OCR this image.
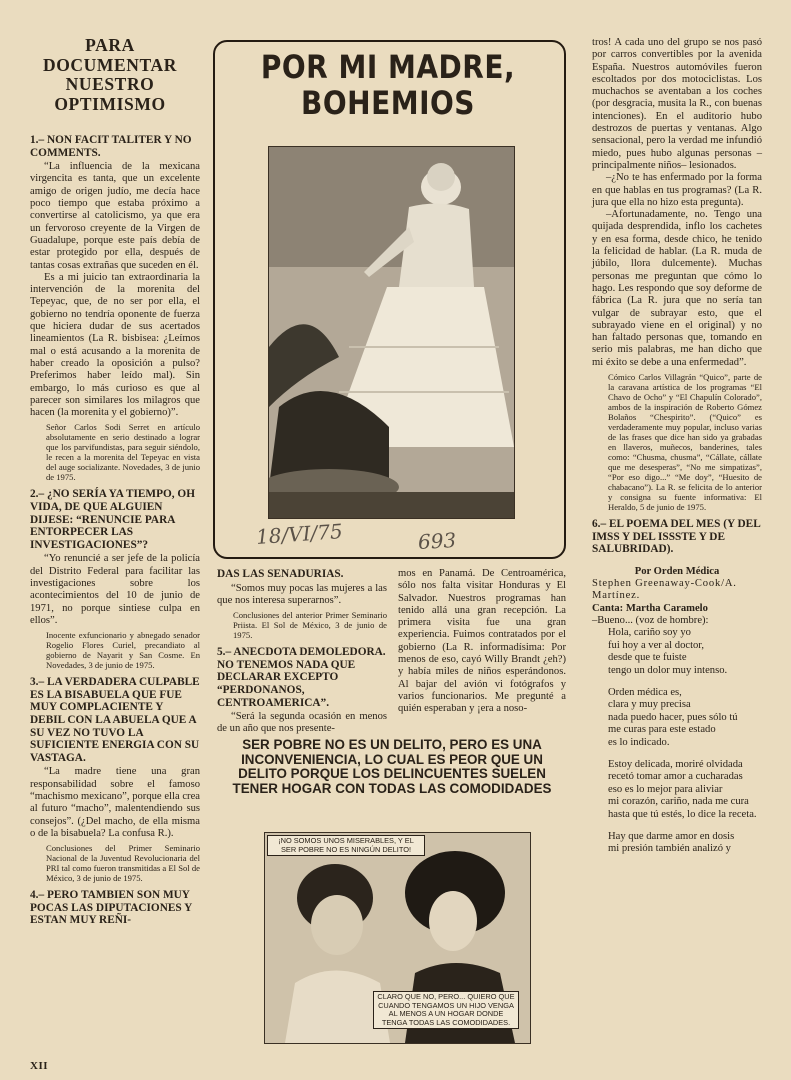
PARA
DOCUMENTAR
NUESTRO
OPTIMISMO
1.– NON FACIT TALITER Y NO COMMENTS.

“La influencia de la mexicana virgencita es tanta, que un excelente amigo de origen judío, me decía hace poco tiempo que estaba próximo a convertirse al catolicismo, ya que era un fervoroso creyente de la Virgen de Guadalupe, porque este país debía de estar protegido por ella, después de tantas cosas extrañas que suceden en él.

Es a mi juicio tan extraordinaria la intervención de la morenita del Tepeyac, que, de no ser por ella, el gobierno no tendría oponente de fuerza que hiciera dudar de sus acertados lineamientos (La R. bisbisea: ¿Leímos mal o está acusando a la morenita de haber creado la oposición a pulso? Preferimos haber leído mal). Sin embargo, lo más curioso es que al parecer son similares los milagros que hacen (la morenita y el gobierno)”.

Señor Carlos Sodi Serret en artículo absolutamente en serio destinado a lograr que los parvifundistas, para seguir siéndolo, le recen a la morenita del Tepeyac en vista del auge socializante. Novedades, 3 de junio de 1975.
2.– ¿NO SERÍA YA TIEMPO, OH VIDA, DE QUE ALGUIEN DIJESE: “RENUNCIE PARA ENTORPECER LAS INVESTIGACIONES”?

“Yo renuncié a ser jefe de la policía del Distrito Federal para facilitar las investigaciones sobre los acontecimientos del 10 de junio de 1971, no porque sintiese culpa en ellos”.

Inocente exfuncionario y abnegado senador Rogelio Flores Curiel, precandiato al gobierno de Nayarit y San Cosme. En Novedades, 3 de junio de 1975.
3.– LA VERDADERA CULPABLE ES LA BISABUELA QUE FUE MUY COMPLACIENTE Y DEBIL CON LA ABUELA QUE A SU VEZ NO TUVO LA SUFICIENTE ENERGIA CON SU VASTAGA.

“La madre tiene una gran responsabilidad sobre el famoso “machismo mexicano”, porque ella crea al futuro “macho”, malentendiendo sus consejos”. (¿Del macho, de ella misma o de la bisabuela? La confusa R.).

Conclusiones del Primer Seminario Nacional de la Juventud Revolucionaria del PRI tal como fueron transmitidas a El Sol de México, 3 de junio de 1975.
4.– PERO TAMBIEN SON MUY POCAS LAS DIPUTACIONES Y ESTAN MUY REÑI-
POR MI MADRE,
BOHEMIOS
18/VI/75	693
DAS LAS SENADURIAS.

“Somos muy pocas las mujeres a las que nos interesa superarnos”.

Conclusiones del anterior Primer Seminario Priista. El Sol de México, 3 de junio de 1975.
5.– ANECDOTA DEMOLEDORA. NO TENEMOS NADA QUE DECLARAR EXCEPTO “PERDONANOS, CENTROAMERICA”.

“Será la segunda ocasión en menos de un año que nos presente-

mos en Panamá. De Centroamérica, sólo nos falta visitar Honduras y El Salvador. Nuestros programas han tenido allá una gran recepción. La primera visita fue una gran experiencia. Fuimos contratados por el gobierno (La R. informadísima: Por menos de eso, cayó Willy Brandt ¿eh?) y había miles de niños esperándonos. Al bajar del avión vi fotógrafos y varios funcionarios. Me pregunté a quién esperaban y ¡era a noso-

SER POBRE NO ES UN DELITO, PERO ES UNA INCONVENIENCIA, LO CUAL ES PEOR QUE UN DELITO PORQUE LOS DELINCUENTES SUELEN TENER HOGAR CON TODAS LAS COMODIDADES
¡NO SOMOS UNOS MISERABLES, Y EL SER POBRE NO ES NINGÚN DELITO!
CLARO QUE NO, PERO... QUIERO QUE CUANDO TENGAMOS UN HIJO VENGA AL MENOS A UN HOGAR DONDE TENGA TODAS LAS COMODIDADES.

tros! A cada uno del grupo se nos pasó por carros convertibles por la avenida España. Nuestros automóviles fueron escoltados por dos motociclistas. Los muchachos se aventaban a los coches (por desgracia, musita la R., con buenas intenciones). En el auditorio hubo destrozos de puertas y ventanas. Algo sensacional, pero la verdad me infundió miedo, pues hubo algunas personas –principalmente niños– lesionados.

–¿No te has enfermado por la forma en que hablas en tus programas? (La R. jura que ella no hizo esta pregunta).

–Afortunadamente, no. Tengo una quijada desprendida, inflo los cachetes y en esa forma, desde chico, he tenido la felicidad de hablar. (La R. muda de júbilo, llora dulcemente). Muchas personas me preguntan que cómo lo hago. Les respondo que soy deforme de fábrica (La R. jura que no sería tan vulgar de subrayar esto, que el subrayado viene en el original) y no han faltado personas que, tomando en serio mis palabras, me han dicho que mi éxito se debe a una enfermedad”.

Cómico Carlos Villagrán “Quico”, parte de la caravana artística de los programas “El Chavo de Ocho” y “El Chapulín Colorado”, ambos de la inspiración de Roberto Gómez Bolaños “Chespirito”. (“Quico” es verdaderamente muy popular, incluso varias de las frases que dice han sido ya grabadas en llaveros, muñecos, banderines, tales como: “Chusma, chusma”, “Cállate, cállate que me desesperas”, “No me simpatizas”, “Por eso digo...” “Me doy”, “Huesito de chabacano”). La R. se felicita de lo anterior y consigna su fuente informativa: El Heraldo, 5 de junio de 1975.
6.– EL POEMA DEL MES (Y DEL IMSS Y DEL ISSSTE Y DE SALUBRIDAD).
Por Orden Médica
Stephen Greenaway-Cook/A. Martínez.
Canta: Martha Caramelo
–Bueno... (voz de hombre):
Hola, cariño soy yo
fui hoy a ver al doctor,
desde que te fuiste
tengo un dolor muy intenso.
Orden médica es,
clara y muy precisa
nada puedo hacer, pues sólo tú
me curas para este estado
es lo indicado.
Estoy delicada, moriré olvidada
recetó tomar amor a cucharadas
eso es lo mejor para aliviar
mi corazón, cariño, nada me cura
hasta que tú estés, lo dice la receta.
Hay que darme amor en dosis
mi presión también analizó y
XII
